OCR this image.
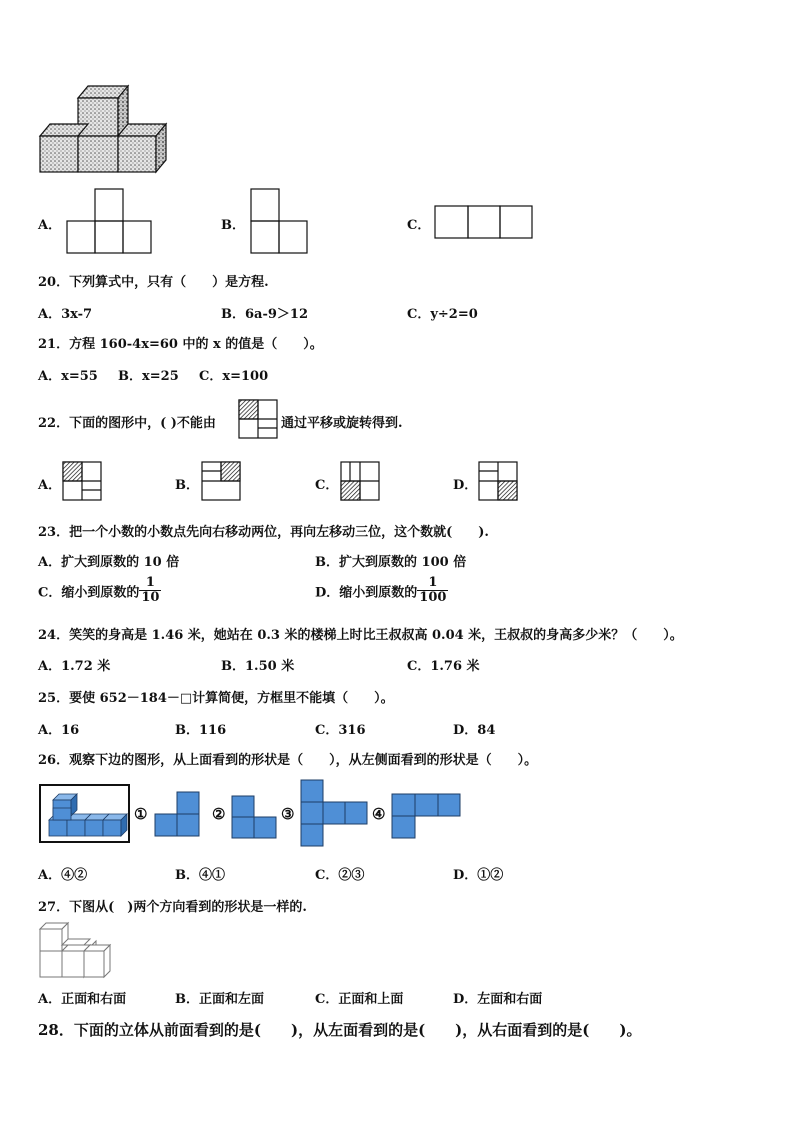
A．	B．	C．
20．下列算式中，只有（　　）是方程.
A．3x-7	B．6a-9＞12	C．y÷2=0
21．方程 160-4x=60 中的 x 的值是（　　）。
A．x=55 B．x=25 C．x=100
22．下面的图形中，( )不能由	通过平移或旋转得到.
A．	B．	C．	D．
23．把一个小数的小数点先向右移动两位，再向左移动三位，这个数就(　　).
A．扩大到原数的 10 倍	B．扩大到原数的 100 倍
C．缩小到原数的 $\frac{1}{10}$	D．缩小到原数的 $\frac{1}{100}$
24．笑笑的身高是 1.46 米，她站在 0.3 米的楼梯上时比王叔叔高 0.04 米，王叔叔的身高多少米？（　　）。
A．1.72 米	B．1.50 米	C．1.76 米
25．要使 652－184－□计算简便，方框里不能填（　　）。
A．16	B．116	C．316	D．84
26．观察下边的图形，从上面看到的形状是（　　），从左侧面看到的形状是（　　）。
①	②	③	④
A．④②	B．④①	C．②③	D．①②
27．下图从(　)两个方向看到的形状是一样的.
A．正面和右面	B．正面和左面	C．正面和上面	D．左面和右面
28．下面的立体从前面看到的是(　　)，从左面看到的是(　　)，从右面看到的是(　　)。
